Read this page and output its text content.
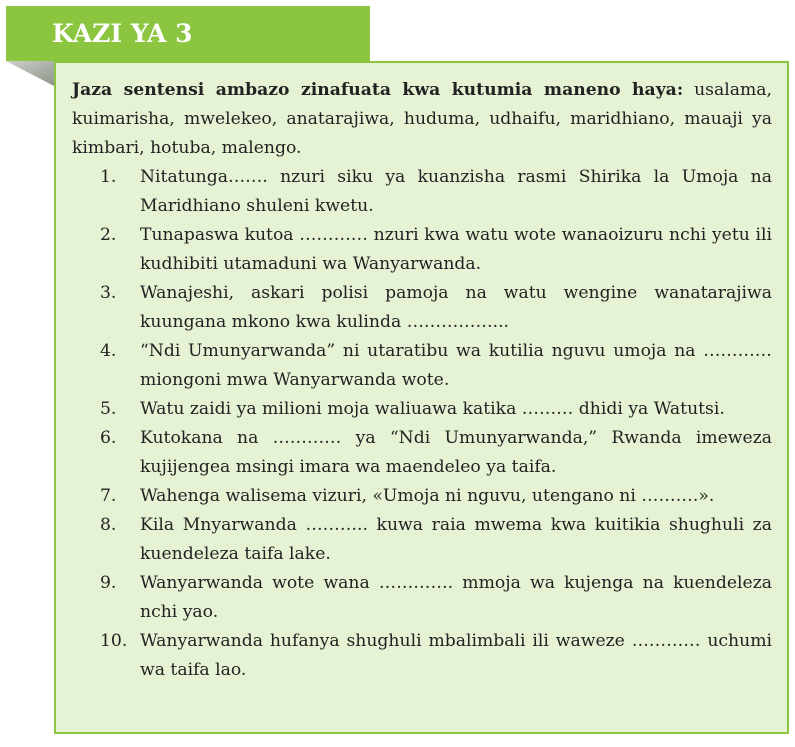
KAZI YA 3

Jaza sentensi ambazo zinafuata kwa kutumia maneno haya: usalama, kuimarisha, mwelekeo, anatarajiwa, huduma, udhaifu, maridhiano, mauaji ya kimbari, hotuba, malengo.

1.	Nitatunga……. nzuri siku ya kuanzisha rasmi Shirika la Umoja na Maridhiano shuleni kwetu.
2.	Tunapaswa kutoa ………… nzuri kwa watu wote wanaoizuru nchi yetu ili kudhibiti utamaduni wa Wanyarwanda.
3.	Wanajeshi, askari polisi pamoja na watu wengine wanatarajiwa kuungana mkono kwa kulinda ……………...
4.	“Ndi Umunyarwanda” ni utaratibu wa kutilia nguvu umoja na ………… miongoni mwa Wanyarwanda wote.
5.	Watu zaidi ya milioni moja waliuawa katika ……… dhidi ya Watutsi.
6.	Kutokana na ………… ya “Ndi Umunyarwanda,” Rwanda imeweza kujijengea msingi imara wa maendeleo ya taifa.
7.	Wahenga walisema vizuri, «Umoja ni nguvu, utengano ni ……….».
8.	Kila Mnyarwanda ……….. kuwa raia mwema kwa kuitikia shughuli za kuendeleza taifa lake.
9.	Wanyarwanda wote wana …………. mmoja wa kujenga na kuendeleza nchi yao.
10. Wanyarwanda hufanya shughuli mbalimbali ili waweze ………… uchumi wa taifa lao.
